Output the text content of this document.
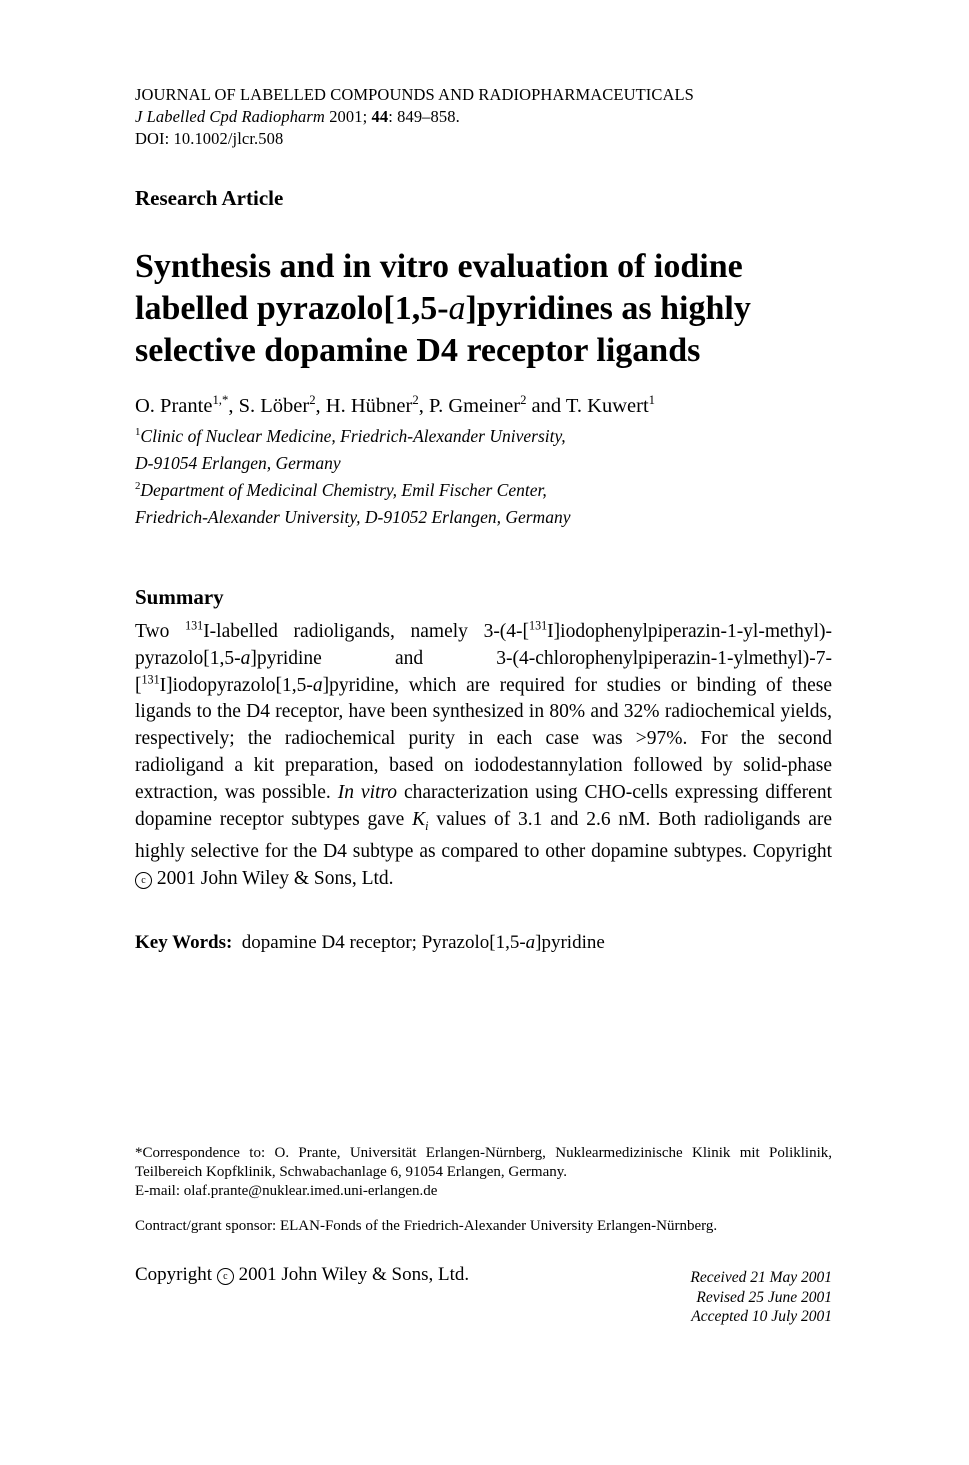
JOURNAL OF LABELLED COMPOUNDS AND RADIOPHARMACEUTICALS
J Labelled Cpd Radiopharm 2001; 44: 849–858.
DOI: 10.1002/jlcr.508
Research Article
Synthesis and in vitro evaluation of iodine
labelled pyrazolo[1,5-a]pyridines as highly
selective dopamine D4 receptor ligands
O. Prante$^{1,*}$, S. Löber$^2$, H. Hübner$^2$, P. Gmeiner$^2$ and T. Kuwert$^1$
$^1$Clinic of Nuclear Medicine, Friedrich-Alexander University,
D-91054 Erlangen, Germany
$^2$Department of Medicinal Chemistry, Emil Fischer Center,
Friedrich-Alexander University, D-91052 Erlangen, Germany
Summary
Two $^{131}$I-labelled radioligands, namely 3-(4-[$^{131}$I]iodophenylpiperazin-1-yl-methyl)-pyrazolo[1,5-a]pyridine and 3-(4-chlorophenylpiperazin-1-ylmethyl)-7-[$^{131}$I]iodopyrazolo[1,5-a]pyridine, which are required for studies or binding of these ligands to the D4 receptor, have been synthesized in 80% and 32% radiochemical yields, respectively; the radiochemical purity in each case was >97%. For the second radioligand a kit preparation, based on iododestannylation followed by solid-phase extraction, was possible. In vitro characterization using CHO-cells expressing different dopamine receptor subtypes gave $K_i$ values of 3.1 and 2.6 nM. Both radioligands are highly selective for the D4 subtype as compared to other dopamine subtypes. Copyright c 2001 John Wiley & Sons, Ltd.
Key Words: dopamine D4 receptor; Pyrazolo[1,5-a]pyridine
*Correspondence to: O. Prante, Universität Erlangen-Nürnberg, Nuklearmedizinische Klinik mit Poliklinik, Teilbereich Kopfklinik, Schwabachanlage 6, 91054 Erlangen, Germany.
E-mail: olaf.prante@nuklear.imed.uni-erlangen.de
Contract/grant sponsor: ELAN-Fonds of the Friedrich-Alexander University Erlangen-Nürnberg.
Copyright c 2001 John Wiley & Sons, Ltd.	Received 21 May 2001
Revised 25 June 2001
Accepted 10 July 2001
